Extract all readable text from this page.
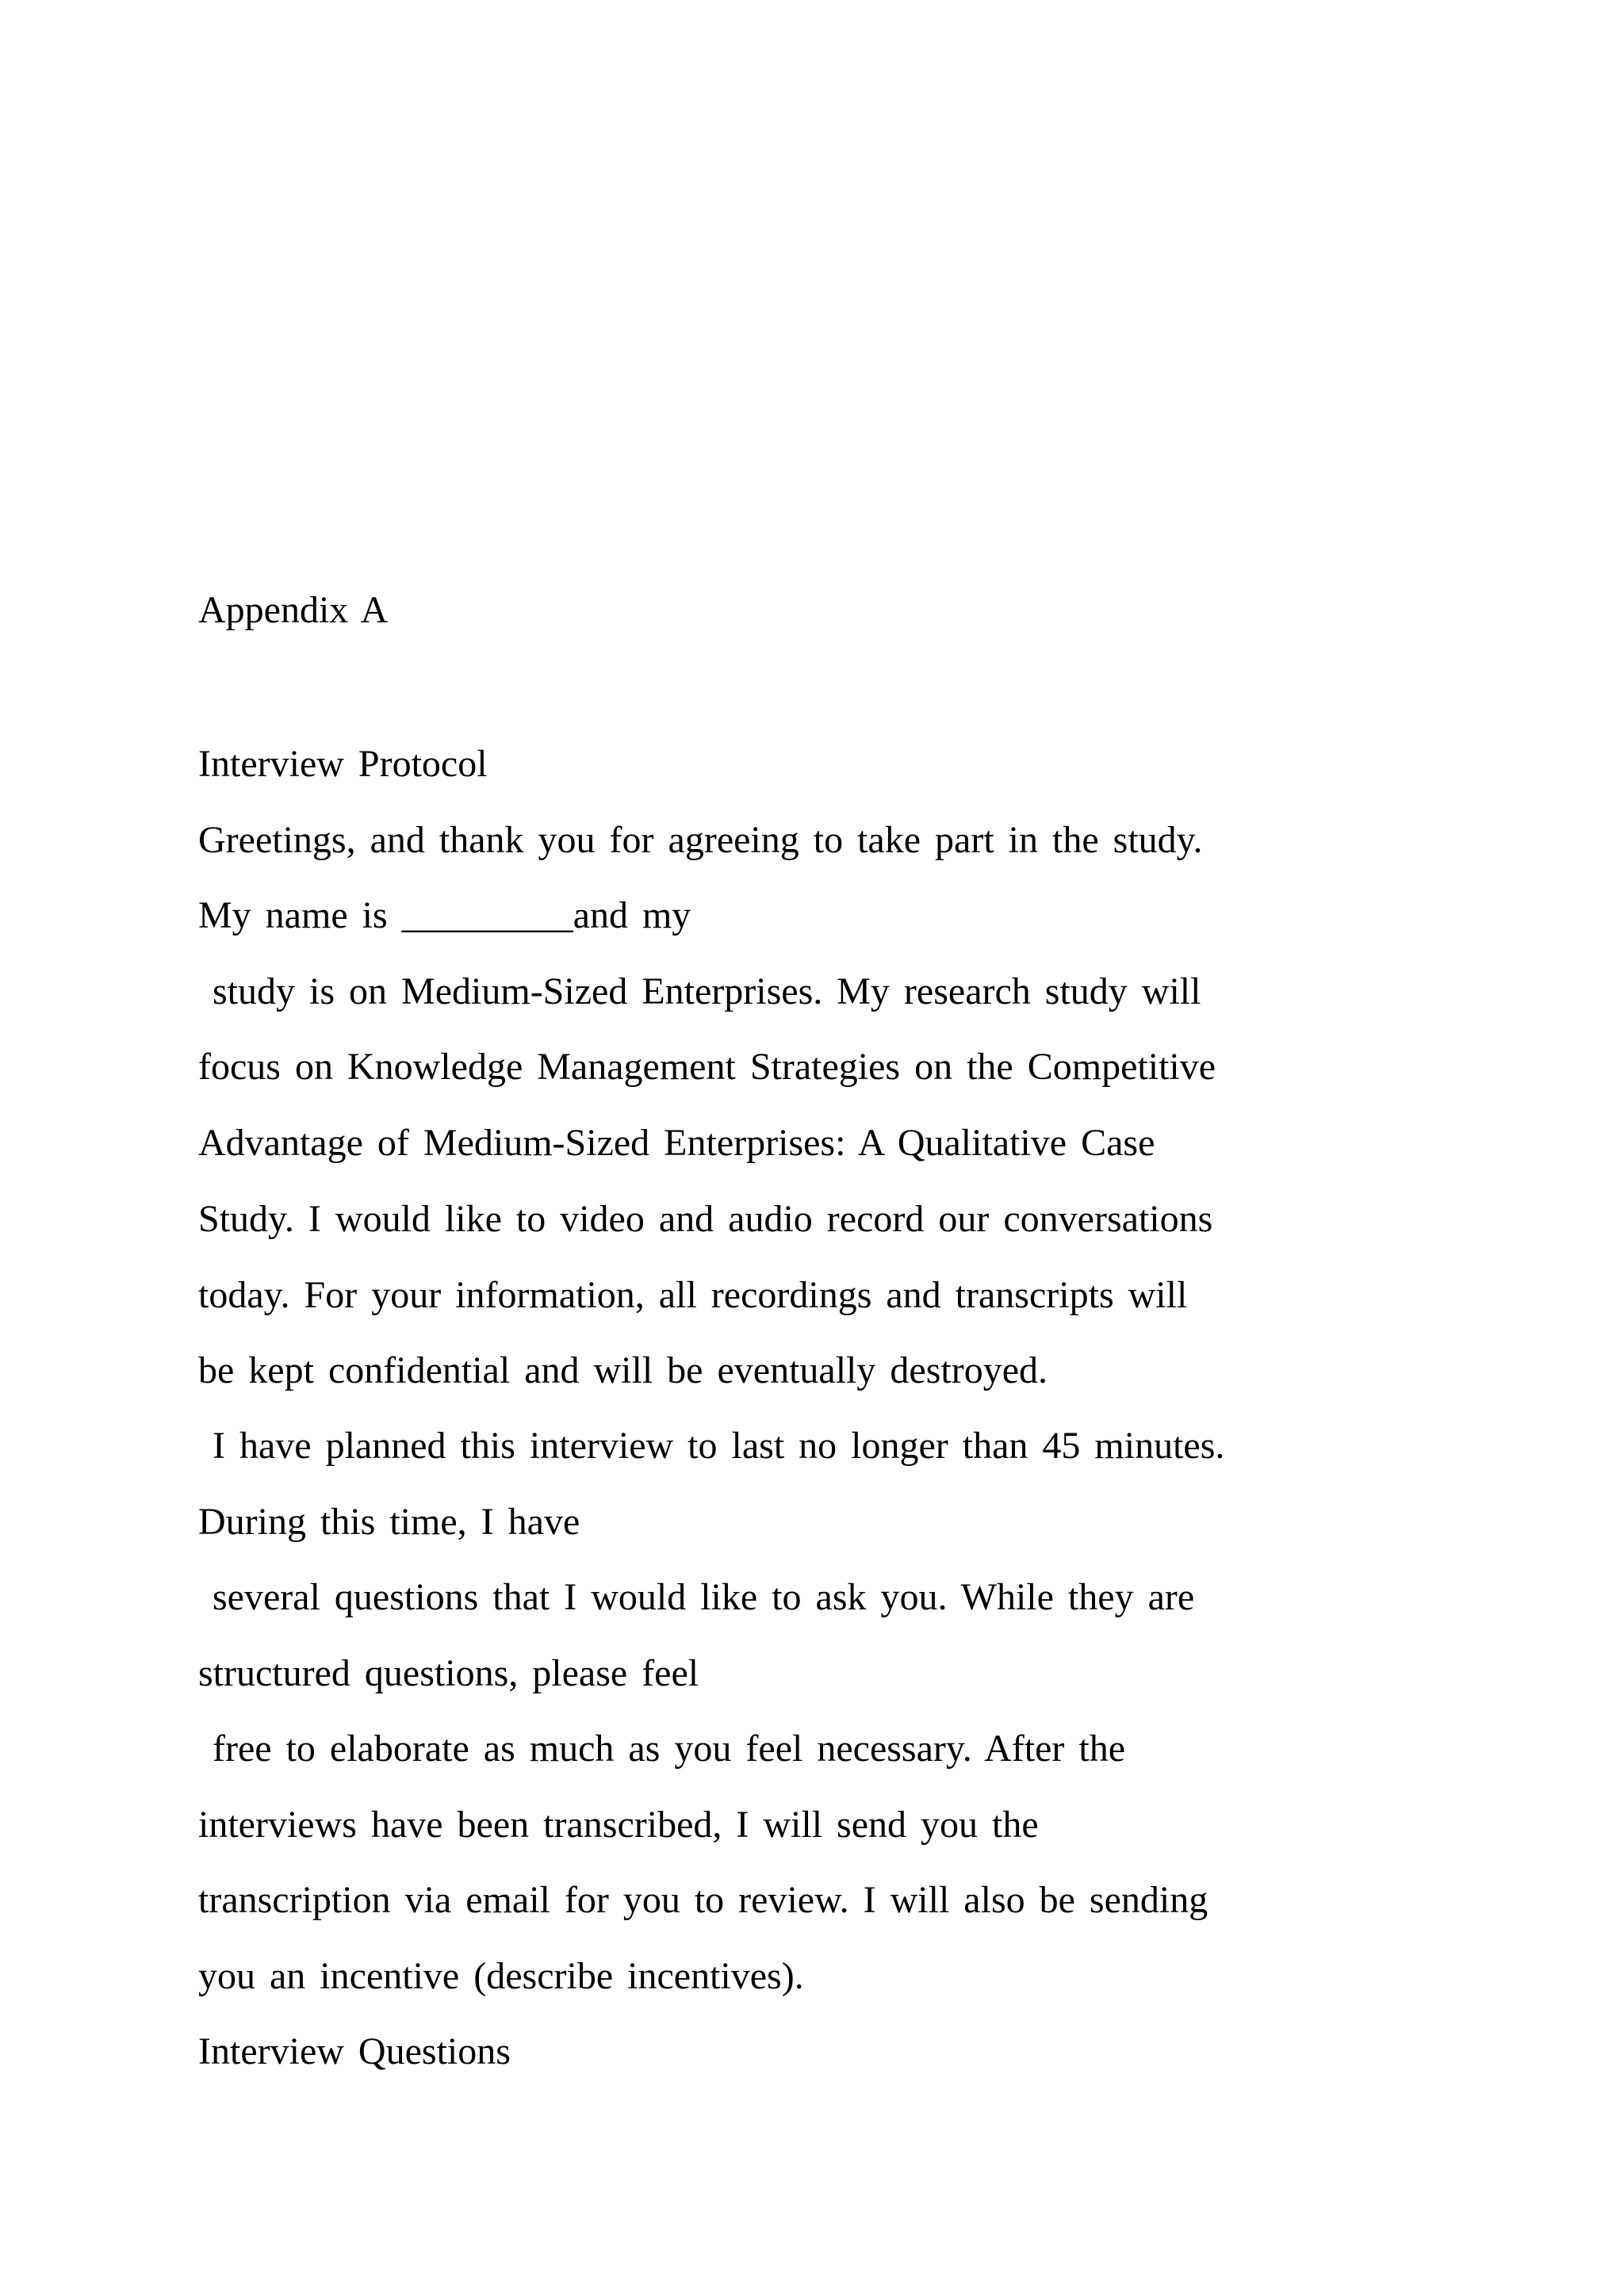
Appendix A
Interview Protocol
Greetings, and thank you for agreeing to take part in the study.
My name is _________and my
study is on Medium-Sized Enterprises. My research study will
focus on Knowledge Management Strategies on the Competitive
Advantage of Medium-Sized Enterprises: A Qualitative Case
Study. I would like to video and audio record our conversations
today. For your information, all recordings and transcripts will
be kept confidential and will be eventually destroyed.
I have planned this interview to last no longer than 45 minutes.
During this time, I have
several questions that I would like to ask you. While they are
structured questions, please feel
free to elaborate as much as you feel necessary. After the
interviews have been transcribed, I will send you the
transcription via email for you to review. I will also be sending
you an incentive (describe incentives).
Interview Questions
